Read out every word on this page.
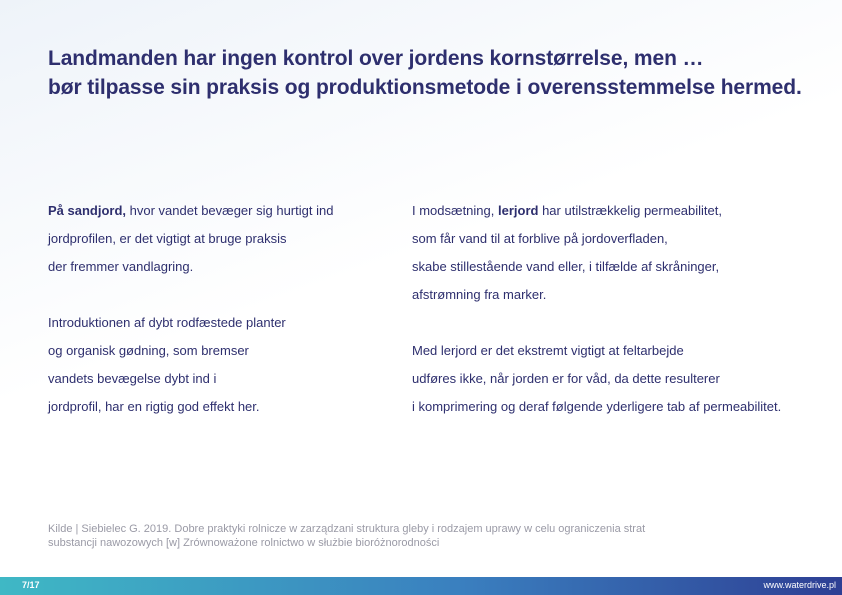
Landmanden har ingen kontrol over jordens kornstørrelse, men …
bør tilpasse sin praksis og produktionsmetode i overensstemmelse hermed.
På sandjord, hvor vandet bevæger sig hurtigt ind
jordprofilen, er det vigtigt at bruge praksis
der fremmer vandlagring.
Introduktionen af dybt rodfæstede planter
og organisk gødning, som bremser
vandets bevægelse dybt ind i
jordprofil, har en rigtig god effekt her.
I modsætning, lerjord har utilstrækkelig permeabilitet,
som får vand til at forblive på jordoverfladen,
skabe stillestående vand eller, i tilfælde af skråninger,
afstrømning fra marker.
Med lerjord er det ekstremt vigtigt at feltarbejde
udføres ikke, når jorden er for våd, da dette resulterer
i komprimering og deraf følgende yderligere tab af permeabilitet.
Kilde | Siebielec G. 2019. Dobre praktyki rolnicze w zarządzani struktura gleby i rodzajem uprawy w celu ograniczenia strat
substancji nawozowych [w] Zrównoważone rolnictwo w służbie bioróżnorodności
7/17	www.waterdrive.pl
